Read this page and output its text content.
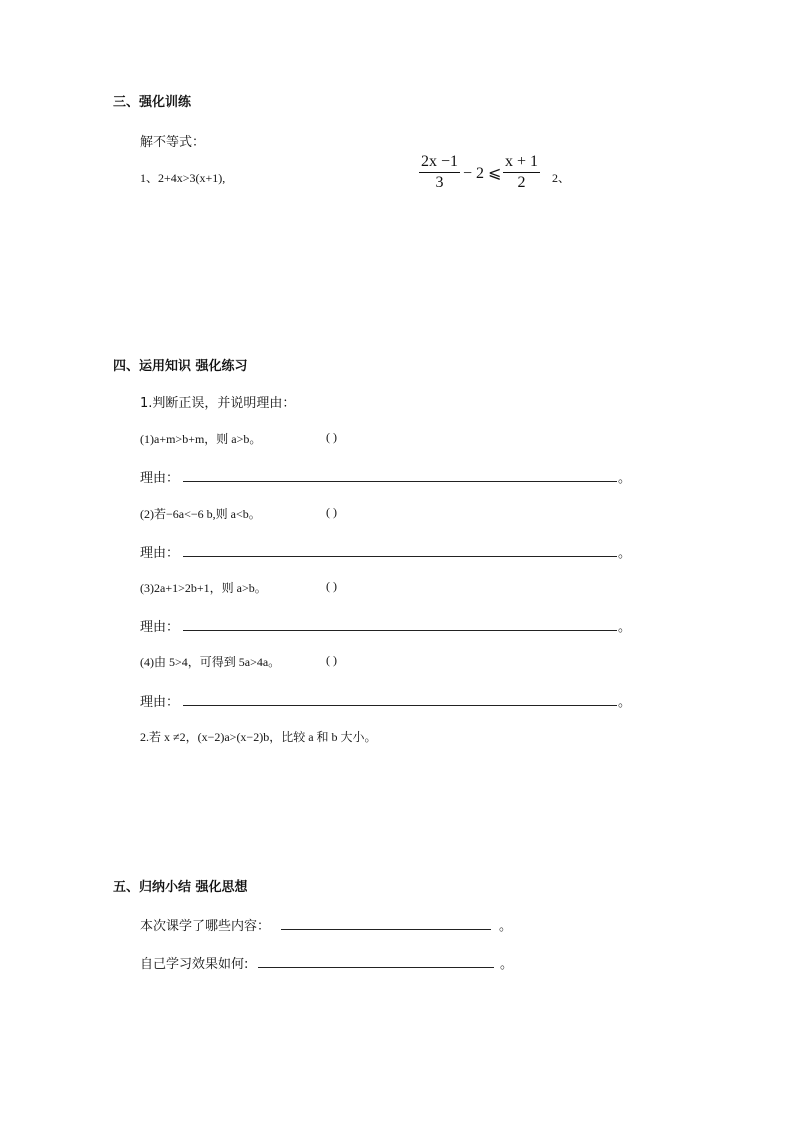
三、强化训练
解不等式：
1、2+4x>3(x+1),	$\frac{2x -1}{3} - 2$ ⩽ $\frac{x + 1}{2} 2$、
四、运用知识 强化练习
1.判断正误，并说明理由：
(1)a+m>b+m，则 a>b。	( )
理由：	。
(2)若−6a<−6 b,则 a<b。	( )
理由：	。
(3)2a+1>2b+1，则 a>b。	( )
理由：	。
(4)由 5>4，可得到 5a>4a。	( )
理由：	。
2.若 x ≠2，(x−2)a>(x−2)b，比较 a 和 b 大小。
五、归纳小结 强化思想
本次课学了哪些内容：	。
自己学习效果如何:	。
